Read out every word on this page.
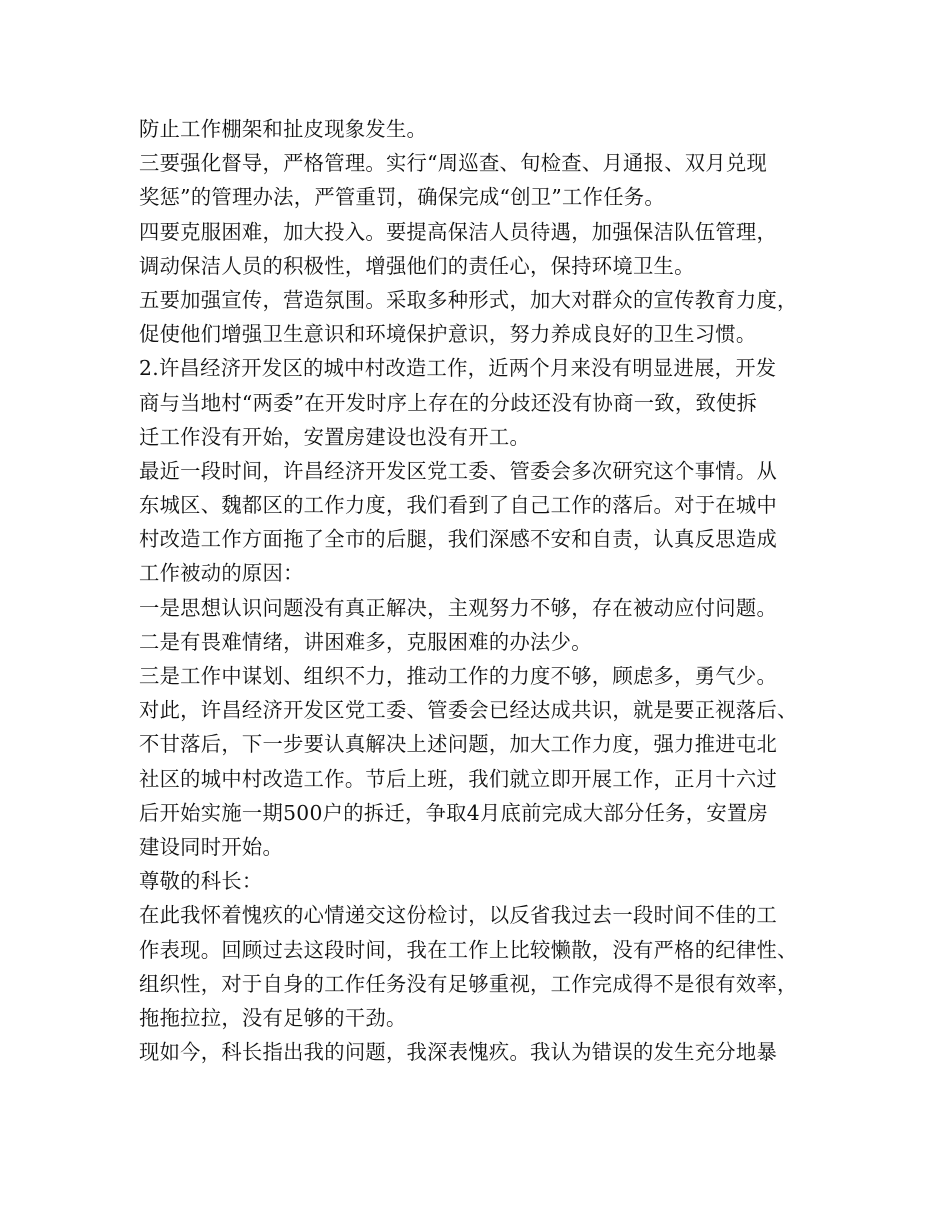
防止工作棚架和扯皮现象发生。
三要强化督导，严格管理。实行“周巡查、旬检查、月通报、双月兑现
奖惩”的管理办法，严管重罚，确保完成“创卫”工作任务。
四要克服困难，加大投入。要提高保洁人员待遇，加强保洁队伍管理，
调动保洁人员的积极性，增强他们的责任心，保持环境卫生。
五要加强宣传，营造氛围。采取多种形式，加大对群众的宣传教育力度，
促使他们增强卫生意识和环境保护意识，努力养成良好的卫生习惯。
2.许昌经济开发区的城中村改造工作，近两个月来没有明显进展，开发
商与当地村“两委”在开发时序上存在的分歧还没有协商一致，致使拆
迁工作没有开始，安置房建设也没有开工。
最近一段时间，许昌经济开发区党工委、管委会多次研究这个事情。从
东城区、魏都区的工作力度，我们看到了自己工作的落后。对于在城中
村改造工作方面拖了全市的后腿，我们深感不安和自责，认真反思造成
工作被动的原因：
一是思想认识问题没有真正解决，主观努力不够，存在被动应付问题。
二是有畏难情绪，讲困难多，克服困难的办法少。
三是工作中谋划、组织不力，推动工作的力度不够，顾虑多，勇气少。
对此，许昌经济开发区党工委、管委会已经达成共识，就是要正视落后、
不甘落后，下一步要认真解决上述问题，加大工作力度，强力推进屯北
社区的城中村改造工作。节后上班，我们就立即开展工作，正月十六过
后开始实施一期500户的拆迁，争取4月底前完成大部分任务，安置房
建设同时开始。
尊敬的科长：
在此我怀着愧疚的心情递交这份检讨，以反省我过去一段时间不佳的工
作表现。回顾过去这段时间，我在工作上比较懒散，没有严格的纪律性、
组织性，对于自身的工作任务没有足够重视，工作完成得不是很有效率，
拖拖拉拉，没有足够的干劲。
现如今，科长指出我的问题，我深表愧疚。我认为错误的发生充分地暴
